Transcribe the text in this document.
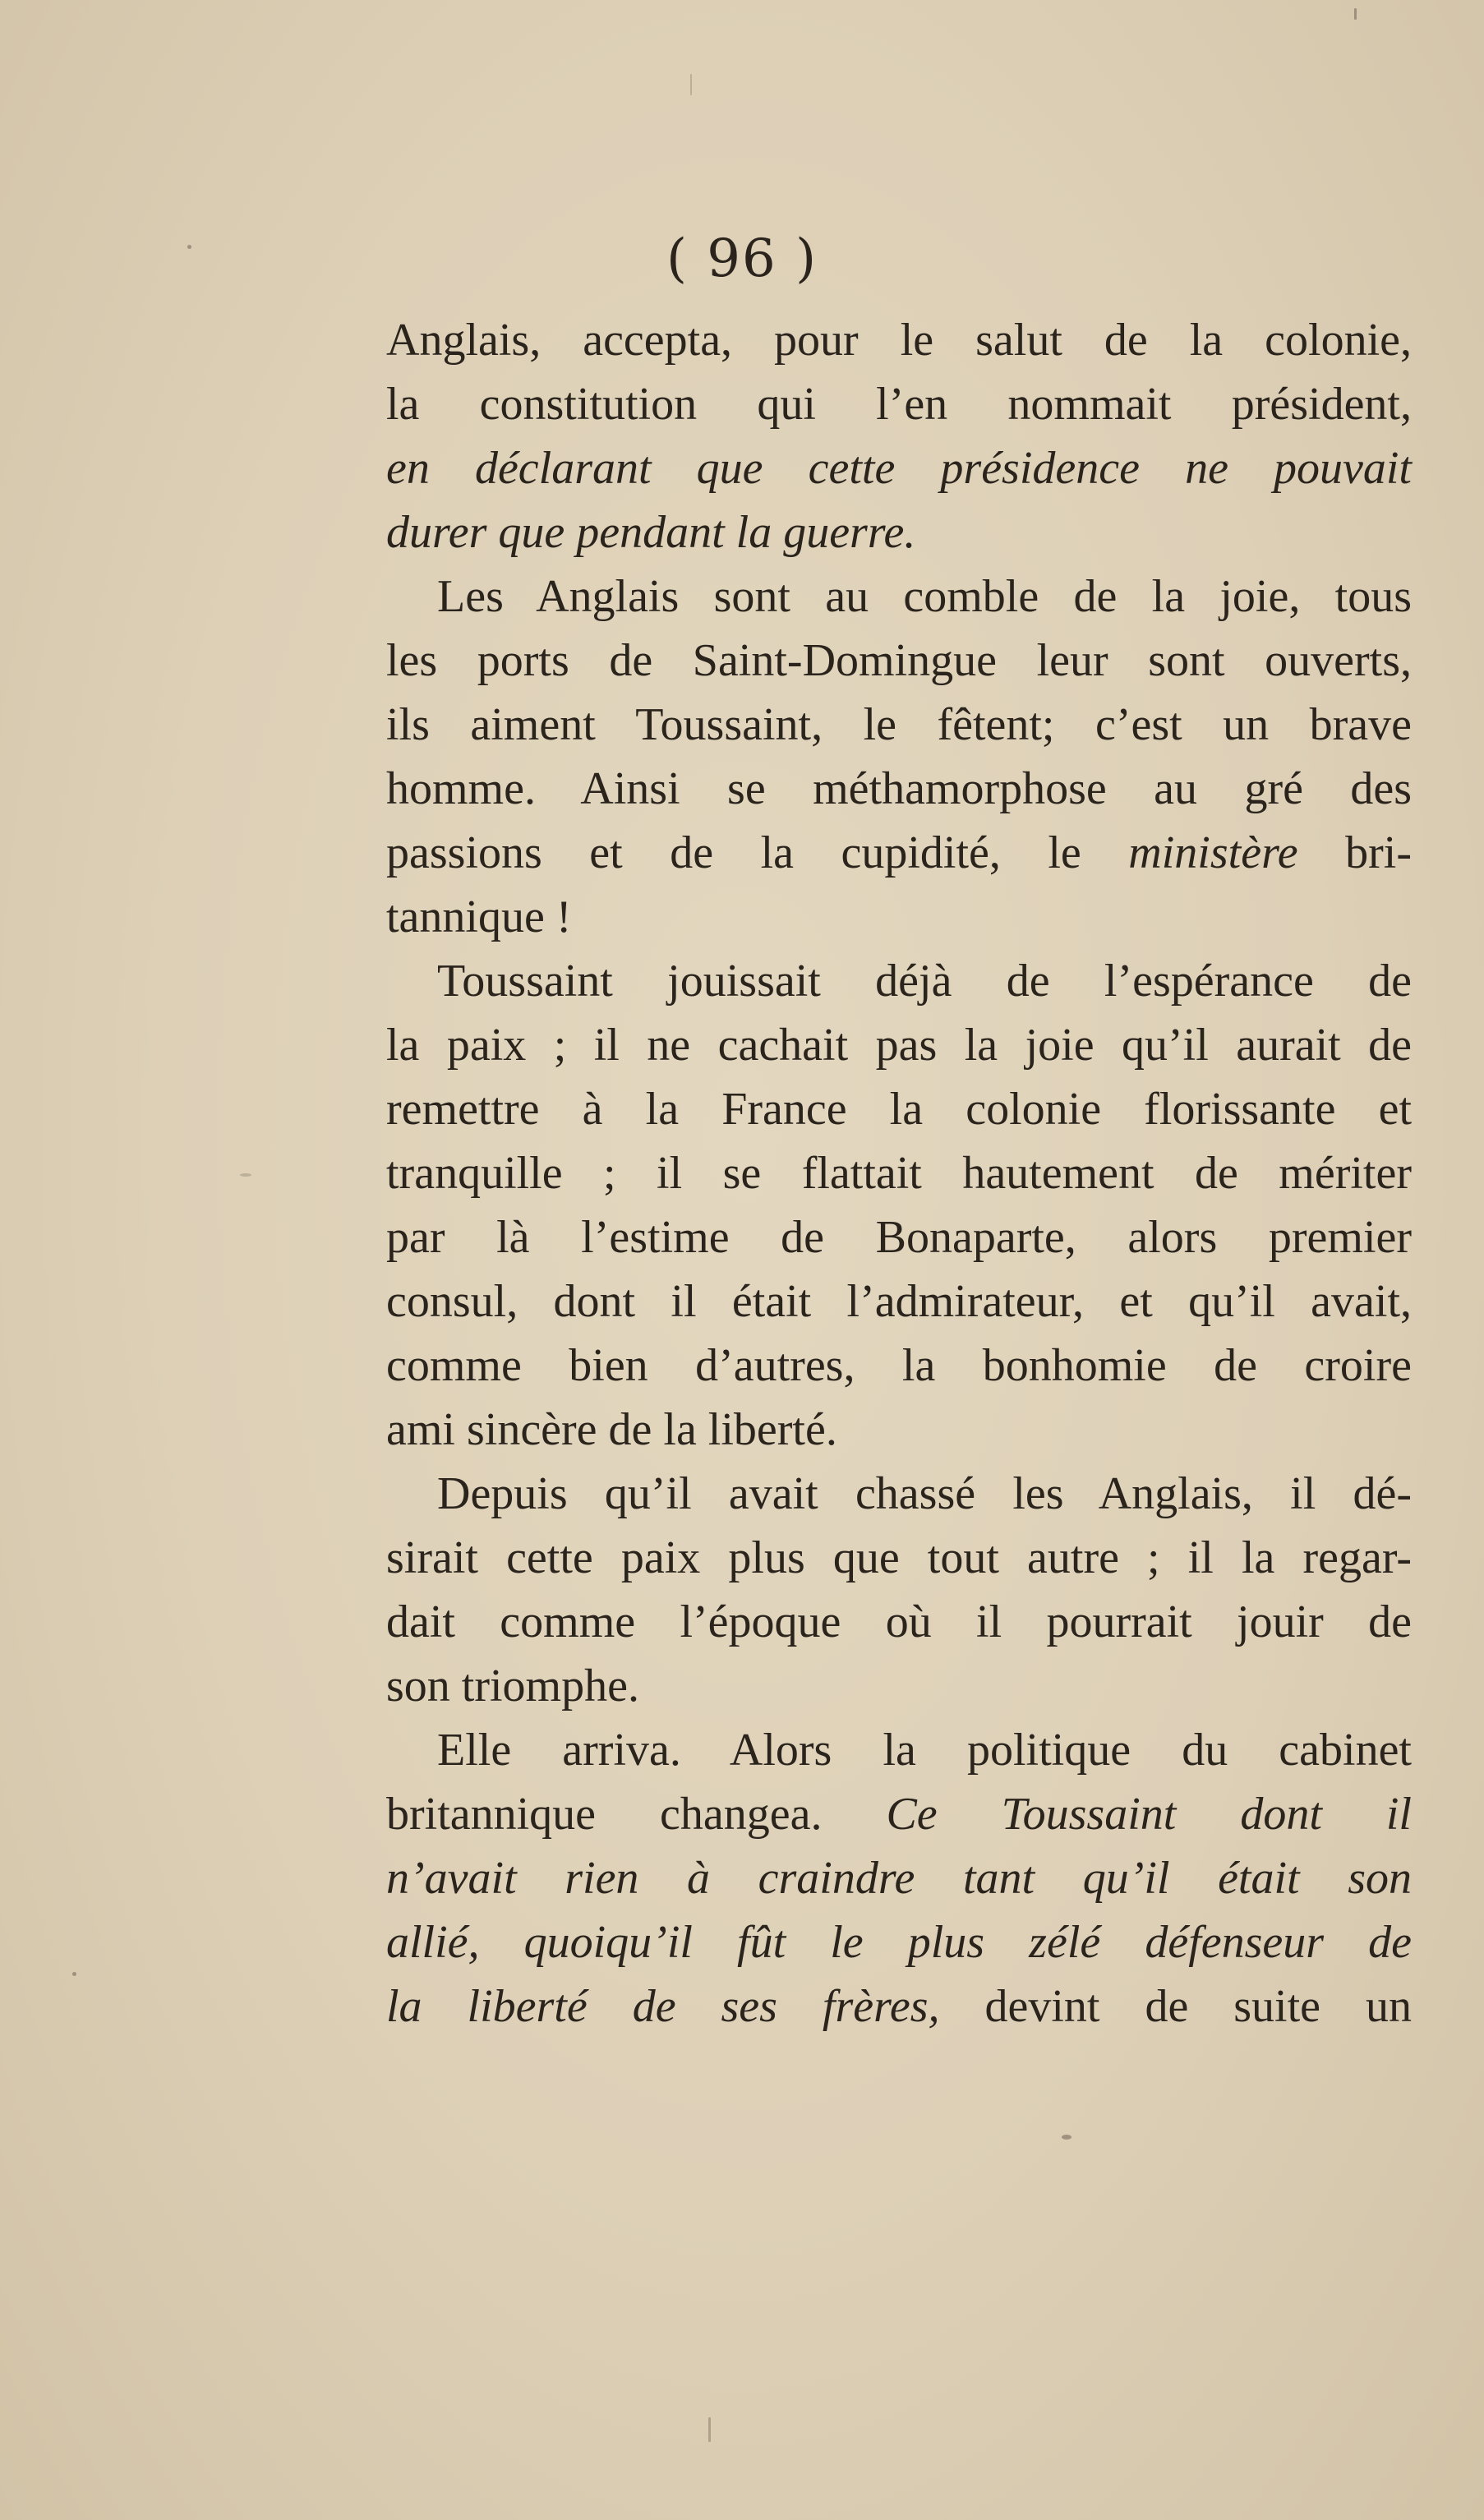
( 96 )
Anglais, accepta, pour le salut de la colonie,
la constitution qui l’en nommait président,
en déclarant que cette présidence ne pouvait
durer que pendant la guerre.
Les Anglais sont au comble de la joie, tous
les ports de Saint-Domingue leur sont ouverts,
ils aiment Toussaint, le fêtent; c’est un brave
homme. Ainsi se méthamorphose au gré des
passions et de la cupidité, le ministère bri-
tannique !
Toussaint jouissait déjà de l’espérance de
la paix ; il ne cachait pas la joie qu’il aurait de
remettre à la France la colonie florissante et
tranquille ; il se flattait hautement de mériter
par là l’estime de Bonaparte, alors premier
consul, dont il était l’admirateur, et qu’il avait,
comme bien d’autres, la bonhomie de croire
ami sincère de la liberté.
Depuis qu’il avait chassé les Anglais, il dé-
sirait cette paix plus que tout autre ; il la regar-
dait comme l’époque où il pourrait jouir de
son triomphe.
Elle arriva. Alors la politique du cabinet
britannique changea. Ce Toussaint dont il
n’avait rien à craindre tant qu’il était son
allié, quoiqu’il fût le plus zélé défenseur de
la liberté de ses frères, devint de suite un
